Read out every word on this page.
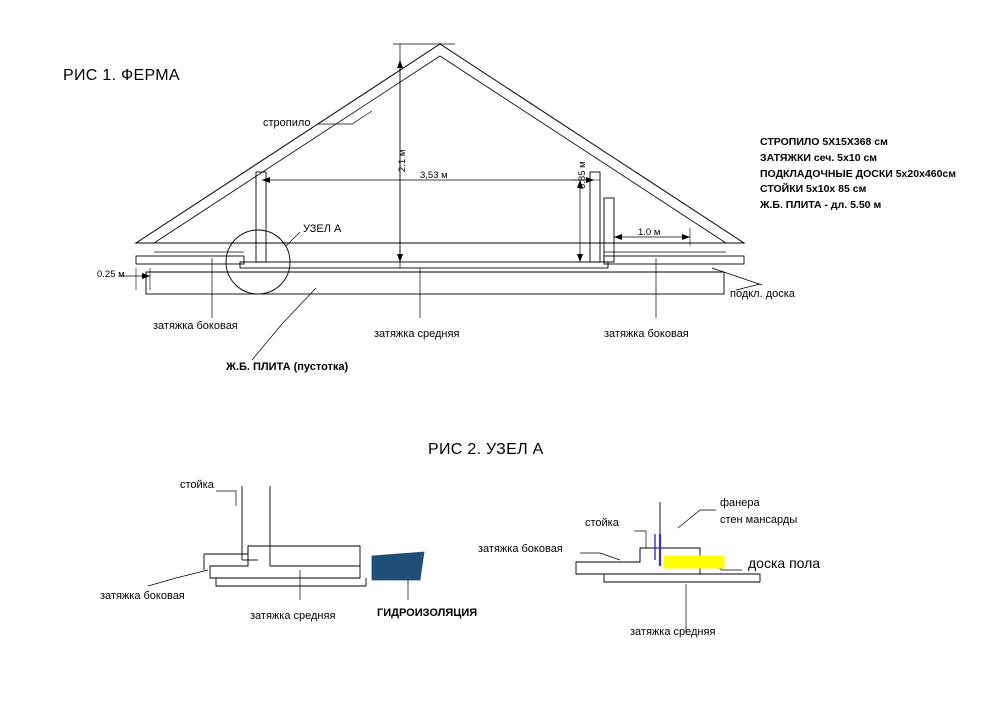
РИС 1. ФЕРМА
РИС 2. УЗЕЛ А
СТРОПИЛО 5Х15Х368 см
ЗАТЯЖКИ сеч. 5х10 см
ПОДКЛАДОЧНЫЕ ДОСКИ 5x20х460см
СТОЙКИ 5х10х 85 см
Ж.Б. ПЛИТА - дл. 5.50 м
стропило
УЗЕЛ А
2.1 м
3,53 м	0.85 м
1.0 м
0.25 м
затяжка боковая
затяжка средняя	затяжка боковая
Ж.Б. ПЛИТА (пустотка)
подкл. доска
стойка
затяжка боковая
затяжка средняя	ГИДРОИЗОЛЯЦИЯ
стойка
затяжка боковая
фанера
стен мансарды
доска пола
затяжка средняя
